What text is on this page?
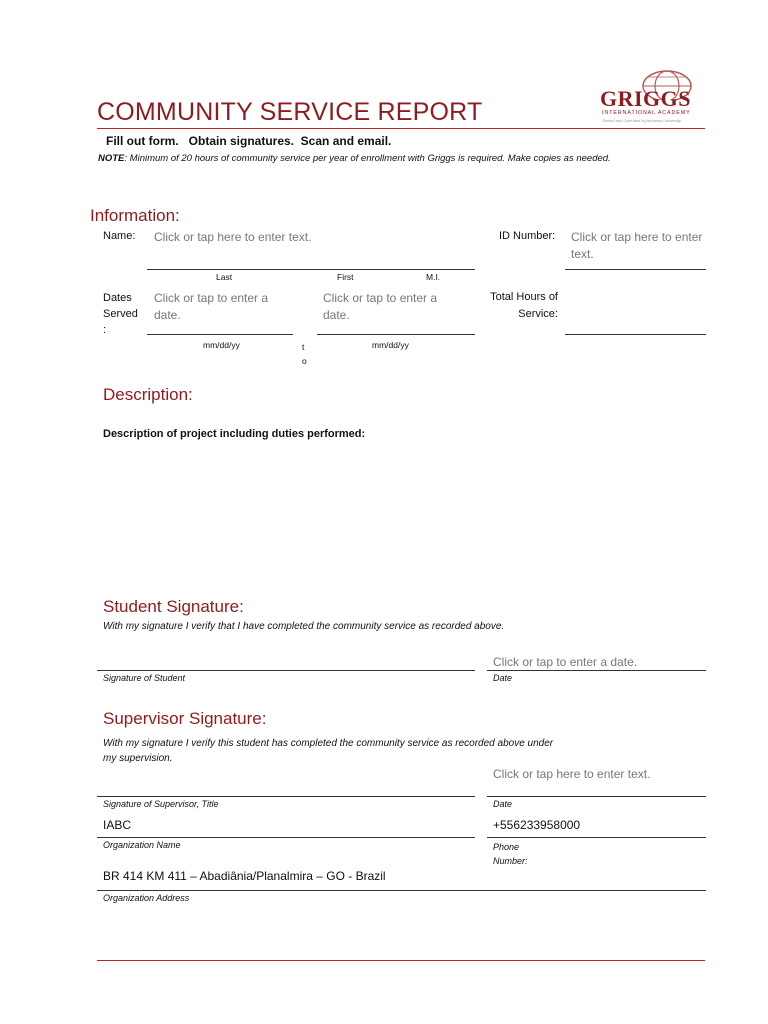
GRIGGS
INTERNATIONAL ACADEMY
Owned and Operated by Andrews University
COMMUNITY SERVICE REPORT
Fill out form.   Obtain signatures.  Scan and email.
NOTE: Minimum of 20 hours of community service per year of enrollment with Griggs is required. Make copies as needed.
Information:
Name: Click or tap here to enter text.
Last	First	M.I.
ID Number: Click or tap here to enter text.
Dates
Served
:
Click or tap to enter a date.
mm/dd/yy	t
o
Click or tap to enter a date.
mm/dd/yy
Total Hours of
Service:
Description:
Description of project including duties performed:
Student Signature:
With my signature I verify that I have completed the community service as recorded above.
Click or tap to enter a date.
Signature of Student	Date
Supervisor Signature:
With my signature I verify this student has completed the community service as recorded above under
my supervision.
Click or tap here to enter text.
Signature of Supervisor, Title	Date
IABC
Organization Name
+556233958000
Phone
Number:
BR 414 KM 411 – Abadiânia/Planalmira – GO - Brazil
Organization Address
